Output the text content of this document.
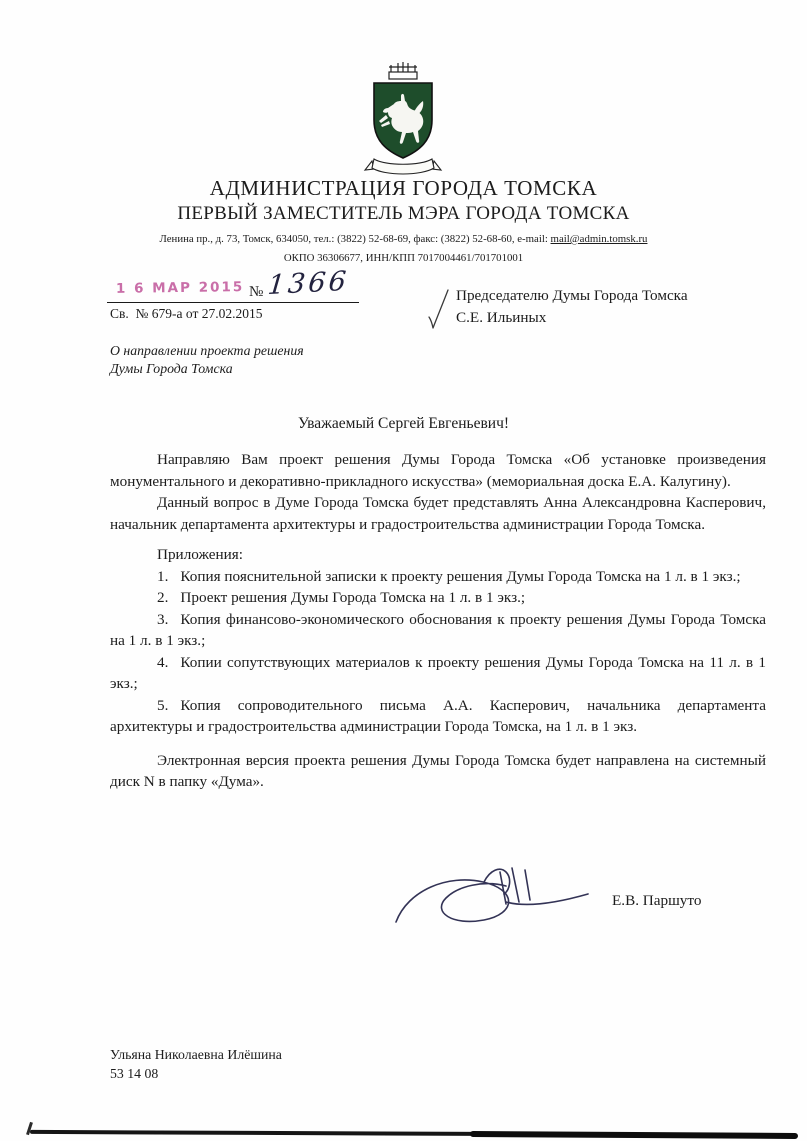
АДМИНИСТРАЦИЯ ГОРОДА ТОМСКА
ПЕРВЫЙ ЗАМЕСТИТЕЛЬ МЭРА ГОРОДА ТОМСКА
Ленина пр., д. 73, Томск, 634050, тел.: (3822) 52-68-69, факс: (3822) 52-68-60, e-mail: mail@admin.tomsk.ru
ОКПО 36306677, ИНН/КПП 7017004461/701701001
1 6 МАР 2015 № 1366
Св.  № 679-а от 27.02.2015
Председателю Думы Города Томска
С.Е. Ильиных
О направлении проекта решения
Думы Города Томска
Уважаемый Сергей Евгеньевич!

Направляю Вам проект решения Думы Города Томска «Об установке произведения монументального и декоративно-прикладного искусства» (мемориальная доска Е.А. Калугину).

Данный вопрос в Думе Города Томска будет представлять Анна Александровна Касперович, начальник департамента архитектуры и градостроительства администрации Города Томска.

Приложения:

1. Копия пояснительной записки к проекту решения Думы Города Томска на 1 л. в 1 экз.;

2. Проект решения Думы Города Томска на 1 л. в 1 экз.;

3. Копия финансово-экономического обоснования к проекту решения Думы Города Томска на 1 л. в 1 экз.;

4. Копии сопутствующих материалов к проекту решения Думы Города Томска на 11 л. в 1 экз.;

5. Копия сопроводительного письма А.А. Касперович, начальника департамента архитектуры и градостроительства администрации Города Томска, на 1 л. в 1 экз.

Электронная версия проекта решения Думы Города Томска будет направлена на системный диск N в папку «Дума».

Е.В. Паршуто
Ульяна Николаевна Илёшина
53 14 08
